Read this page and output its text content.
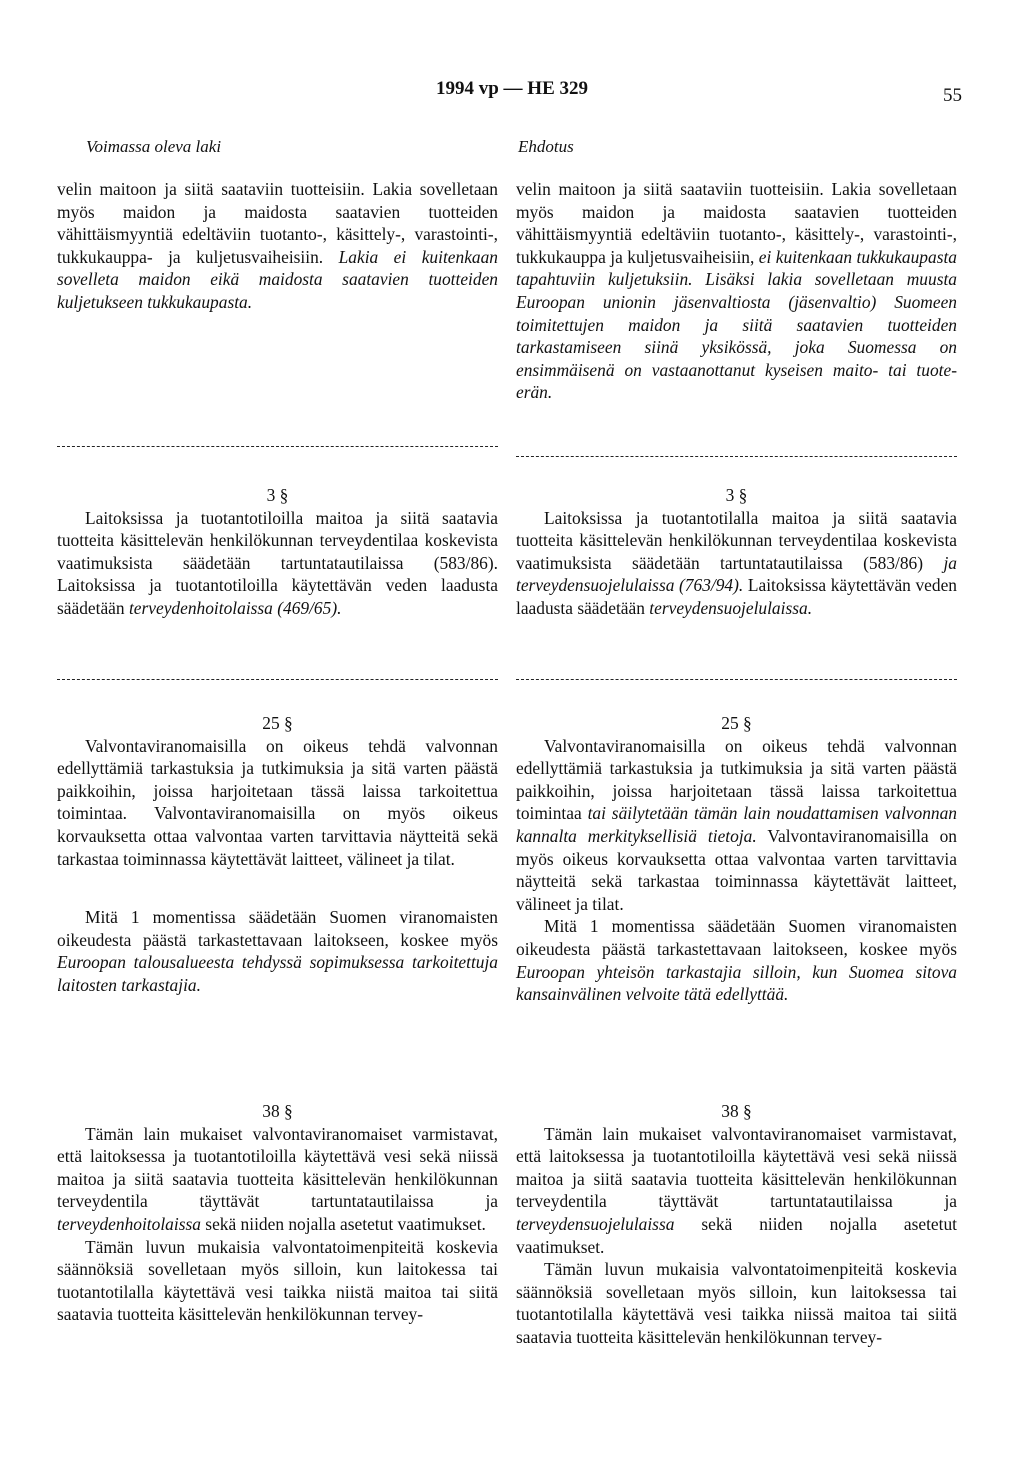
1994 vp — HE 329	55
Voimassa oleva laki	Ehdotus

velin maitoon ja siitä saataviin tuotteisiin. Lakia sovelletaan myös maidon ja maidosta saatavien tuotteiden vähittäismyyntiä edeltäviin tuotanto-, käsittely-, varastointi-, tukkukauppa- ja kuljetusvaiheisiin. Lakia ei kuitenkaan sovelleta maidon eikä maidosta saatavien tuotteiden kuljetukseen tukkukaupasta.

3 §

Laitoksissa ja tuotantotiloilla maitoa ja siitä saatavia tuotteita käsittelevän henkilökunnan terveydentilaa koskevista vaatimuksista säädetään tartuntatautilaissa (583/86). Laitoksissa ja tuotantotiloilla käytettävän veden laadusta säädetään terveydenhoitolaissa (469/65).

25 §

Valvontaviranomaisilla on oikeus tehdä valvonnan edellyttämiä tarkastuksia ja tutkimuksia ja sitä varten päästä paikkoihin, joissa harjoitetaan tässä laissa tarkoitettua toimintaa. Valvontaviranomaisilla on myös oikeus korvauksetta ottaa valvontaa varten tarvittavia näytteitä sekä tarkastaa toiminnassa käytettävät laitteet, välineet ja tilat.

Mitä 1 momentissa säädetään Suomen viranomaisten oikeudesta päästä tarkastettavaan laitokseen, koskee myös Euroopan talousalueesta tehdyssä sopimuksessa tarkoitettuja laitosten tarkastajia.

38 §

Tämän lain mukaiset valvontaviranomaiset varmistavat, että laitoksessa ja tuotantotiloilla käytettävä vesi sekä niissä maitoa ja siitä saatavia tuotteita käsittelevän henkilökunnan terveydentila täyttävät tartuntatautilaissa ja terveydenhoitolaissa sekä niiden nojalla asetetut vaatimukset.

Tämän luvun mukaisia valvontatoimenpiteitä koskevia säännöksiä sovelletaan myös silloin, kun laitokessa tai tuotantotilalla käytettävä vesi taikka niistä maitoa tai siitä saatavia tuotteita käsittelevän henkilökunnan tervey-

velin maitoon ja siitä saataviin tuotteisiin. Lakia sovelletaan myös maidon ja maidosta saatavien tuotteiden vähittäismyyntiä edeltäviin tuotanto-, käsittely-, varastointi-, tukkukauppa ja kuljetusvaiheisiin, ei kuitenkaan tukkukaupasta tapahtuviin kuljetuksiin. Lisäksi lakia sovelletaan muusta Euroopan unionin jäsenvaltiosta (jäsenvaltio) Suomeen toimitettujen maidon ja siitä saatavien tuotteiden tarkastamiseen siinä yksikössä, joka Suomessa on ensimmäisenä on vastaanottanut kyseisen maito- tai tuote-erän.

3 §

Laitoksissa ja tuotantotilalla maitoa ja siitä saatavia tuotteita käsittelevän henkilökunnan terveydentilaa koskevista vaatimuksista säädetään tartuntatautilaissa (583/86) ja terveydensuojelulaissa (763/94). Laitoksissa käytettävän veden laadusta säädetään terveydensuojelulaissa.

25 §

Valvontaviranomaisilla on oikeus tehdä valvonnan edellyttämiä tarkastuksia ja tutkimuksia ja sitä varten päästä paikkoihin, joissa harjoitetaan tässä laissa tarkoitettua toimintaa tai säilytetään tämän lain noudattamisen valvonnan kannalta merkityksellisiä tietoja. Valvontaviranomaisilla on myös oikeus korvauksetta ottaa valvontaa varten tarvittavia näytteitä sekä tarkastaa toiminnassa käytettävät laitteet, välineet ja tilat.

Mitä 1 momentissa säädetään Suomen viranomaisten oikeudesta päästä tarkastettavaan laitokseen, koskee myös Euroopan yhteisön tarkastajia silloin, kun Suomea sitova kansainvälinen velvoite tätä edellyttää.

38 §

Tämän lain mukaiset valvontaviranomaiset varmistavat, että laitoksessa ja tuotantotiloilla käytettävä vesi sekä niissä maitoa ja siitä saatavia tuotteita käsittelevän henkilökunnan terveydentila täyttävät tartuntatautilaissa ja terveydensuojelulaissa sekä niiden nojalla asetetut vaatimukset.

Tämän luvun mukaisia valvontatoimenpiteitä koskevia säännöksiä sovelletaan myös silloin, kun laitoksessa tai tuotantotilalla käytettävä vesi taikka niissä maitoa tai siitä saatavia tuotteita käsittelevän henkilökunnan tervey-
